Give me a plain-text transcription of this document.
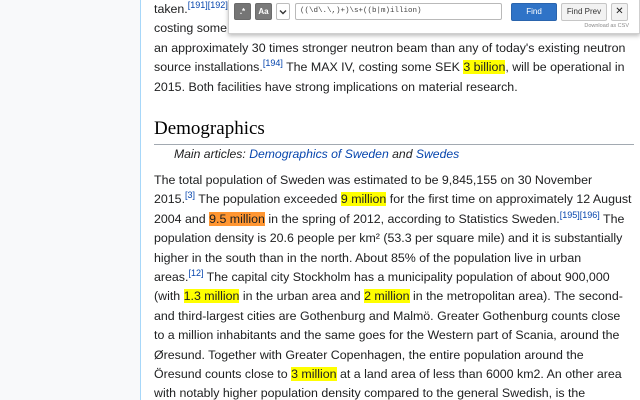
taken.[191][192]
costing some
an approximately 30 times stronger neutron beam than any of today's existing neutron
source installations.[194] The MAX IV, costing some SEK 3 billion, will be operational in
2015. Both facilities have strong implications on material research.

Demographics
Main articles: Demographics of Sweden and Swedes

The total population of Sweden was estimated to be 9,845,155 on 30 November
2015.[3] The population exceeded 9 million for the first time on approximately 12 August
2004 and 9.5 million in the spring of 2012, according to Statistics Sweden.[195][196] The
population density is 20.6 people per km² (53.3 per square mile) and it is substantially
higher in the south than in the north. About 85% of the population live in urban
areas.[12] The capital city Stockholm has a municipality population of about 900,000
(with 1.3 million in the urban area and 2 million in the metropolitan area). The second-
and third-largest cities are Gothenburg and Malmö. Greater Gothenburg counts close
to a million inhabitants and the same goes for the Western part of Scania, around the
Øresund. Together with Greater Copenhagen, the entire population around the
Öresund counts close to 3 million at a land area of less than 6000 km2. An other area
with notably higher population density compared to the general Swedish, is the

.*	Aa	((\d\.\,)+)\s+((b|m)illion)	Find	Find Prev	✕
Download as CSV
